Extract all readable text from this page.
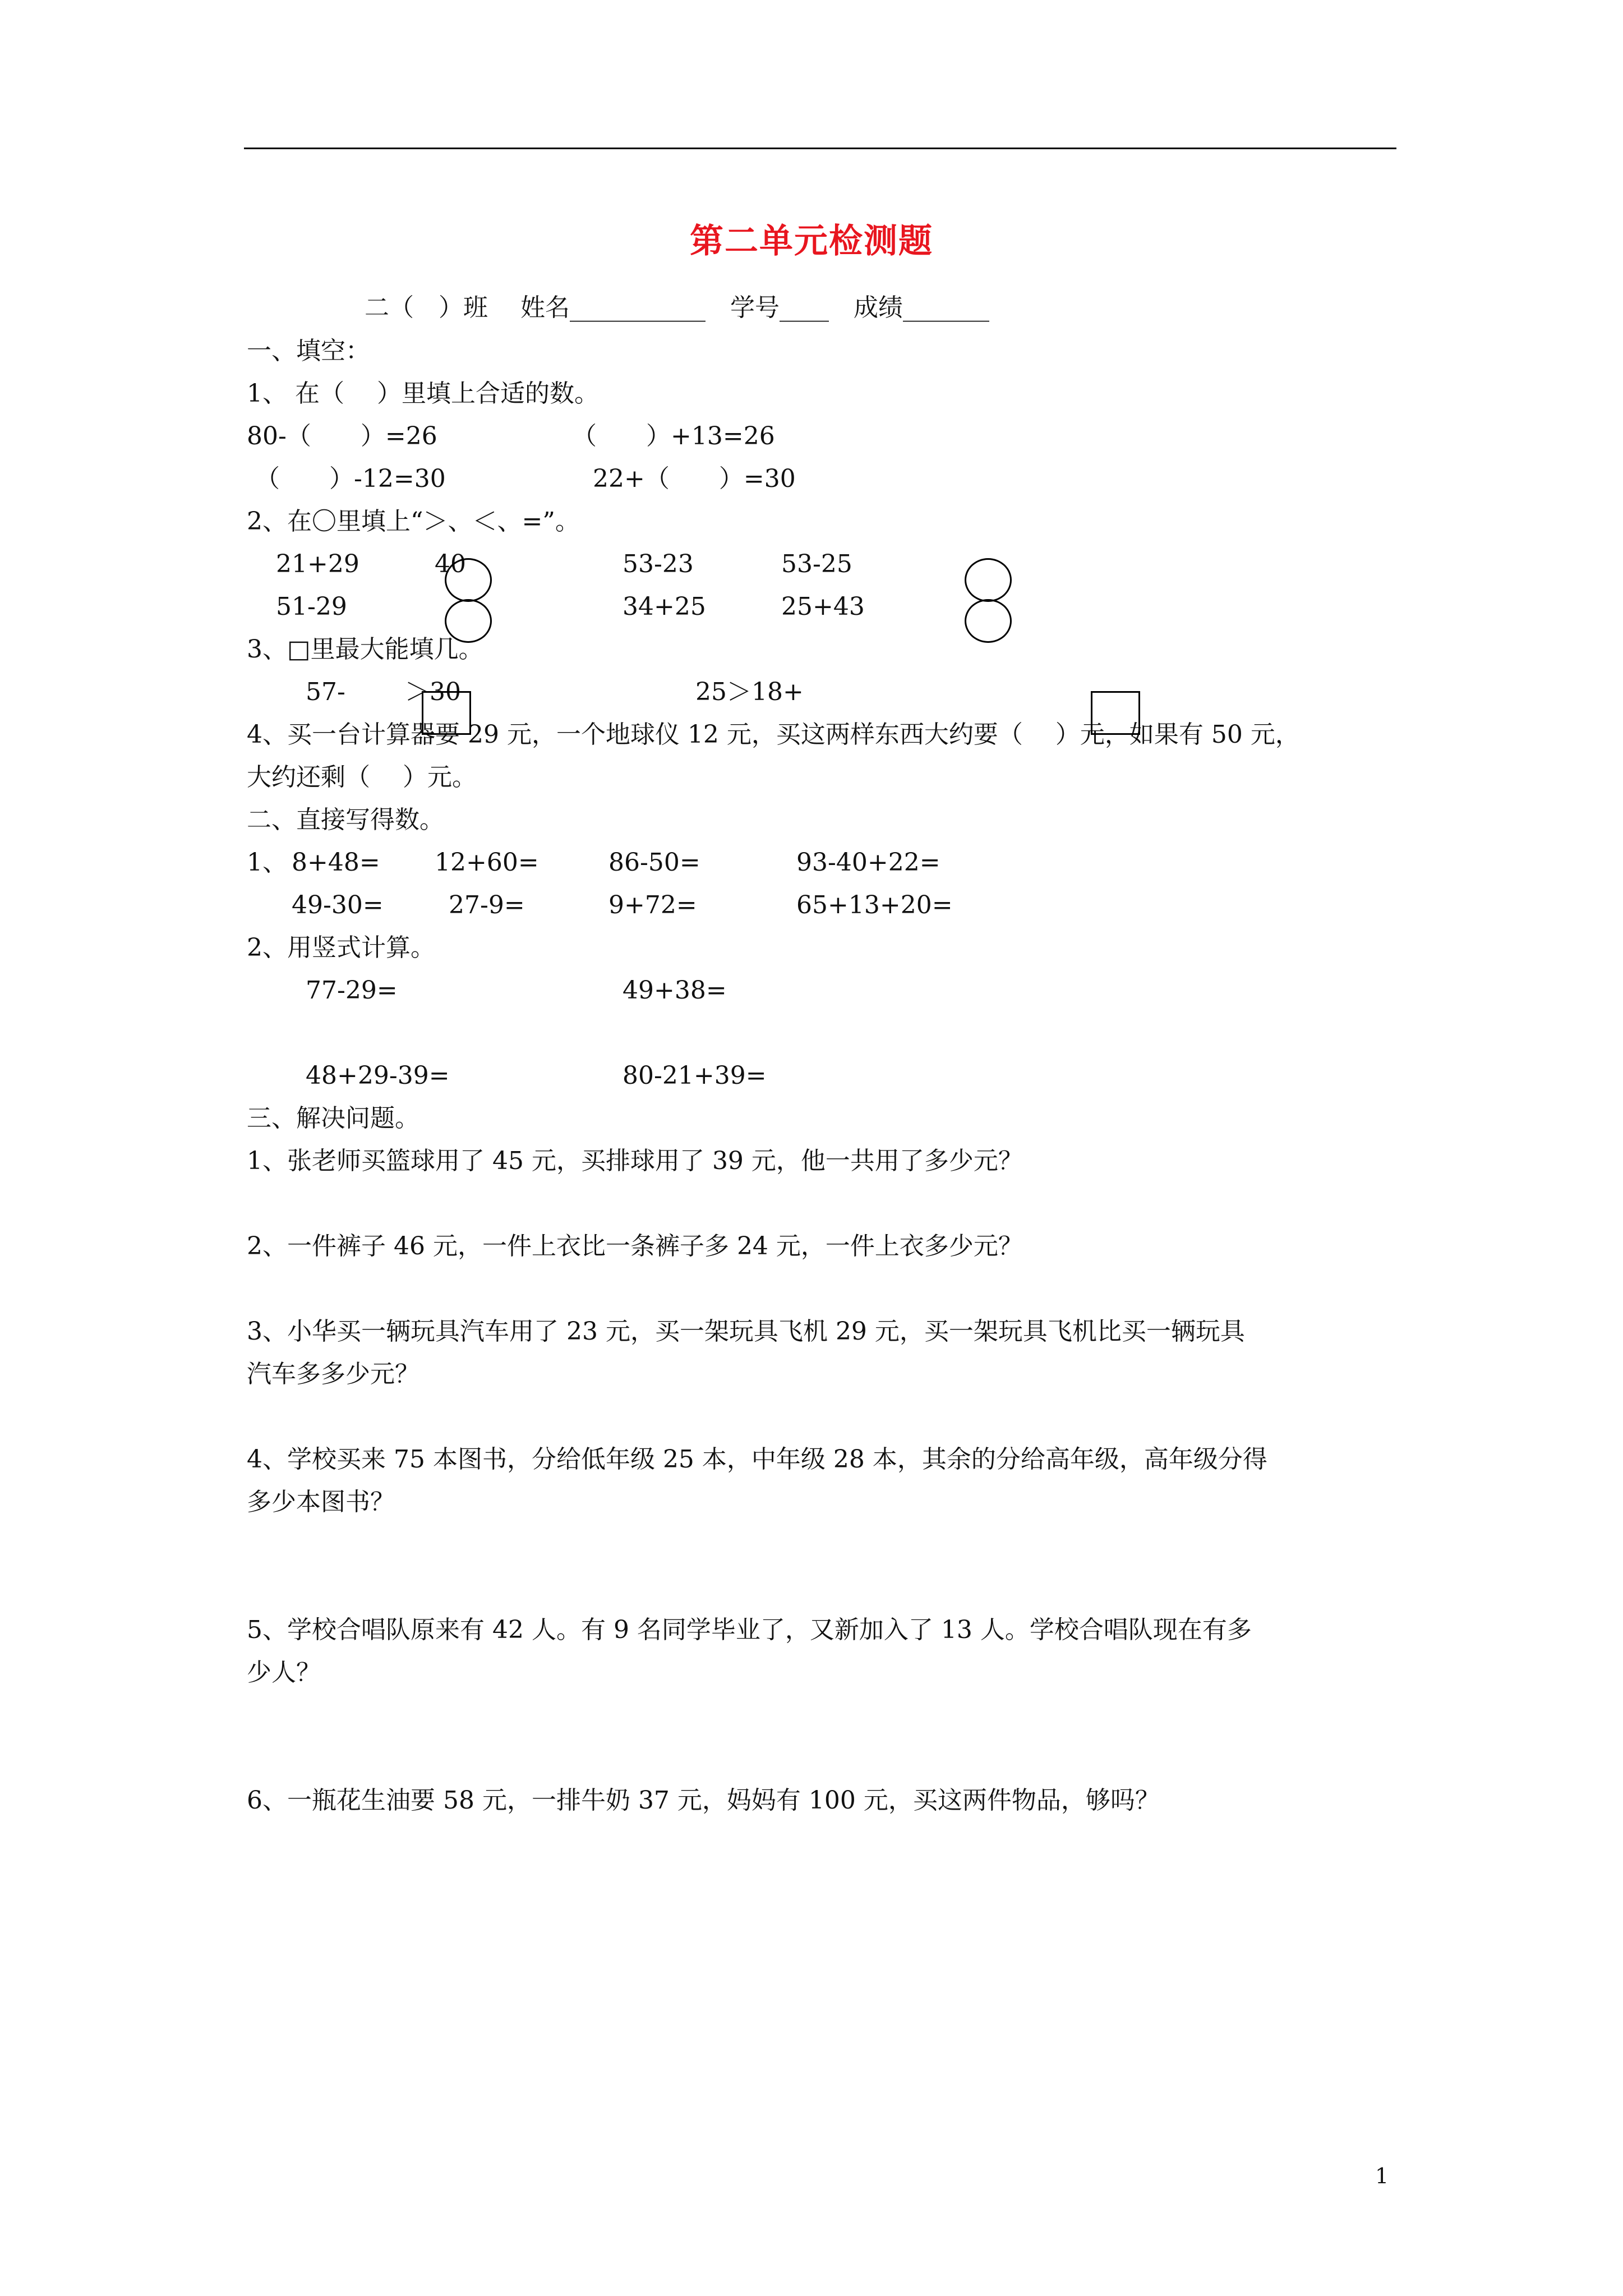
第二单元检测题
二（　）班　 姓名___________　学号____　成绩_______
一、填空：
1、 在（　 ）里填上合适的数。
80-（　　）=26	（　　）+13=26
（　　）-12=30	22+（　　）=30
2、在〇里填上“＞、＜、=”。
21+29	40	53-23	53-25
51-29	34+25	25+43
3、□里最大能填几。
57- ＞30	25＞18+
4、买一台计算器要 29 元，一个地球仪 12 元，买这两样东西大约要（　 ）元，如果有 50 元，
大约还剩（　 ）元。
二、直接写得数。
1、 8+48= 12+60=	86-50=	93-40+22=
49-30=	27-9=	9+72=	65+13+20=
2、用竖式计算。
77-29=	49+38=
48+29-39=	80-21+39=
三、解决问题。
1、张老师买篮球用了 45 元，买排球用了 39 元，他一共用了多少元？
2、一件裤子 46 元，一件上衣比一条裤子多 24 元，一件上衣多少元？
3、小华买一辆玩具汽车用了 23 元，买一架玩具飞机 29 元，买一架玩具飞机比买一辆玩具
汽车多多少元？
4、学校买来 75 本图书，分给低年级 25 本，中年级 28 本，其余的分给高年级，高年级分得
多少本图书？
5、学校合唱队原来有 42 人。有 9 名同学毕业了，又新加入了 13 人。学校合唱队现在有多
少人？
6、一瓶花生油要 58 元，一排牛奶 37 元，妈妈有 100 元，买这两件物品，够吗？
1
